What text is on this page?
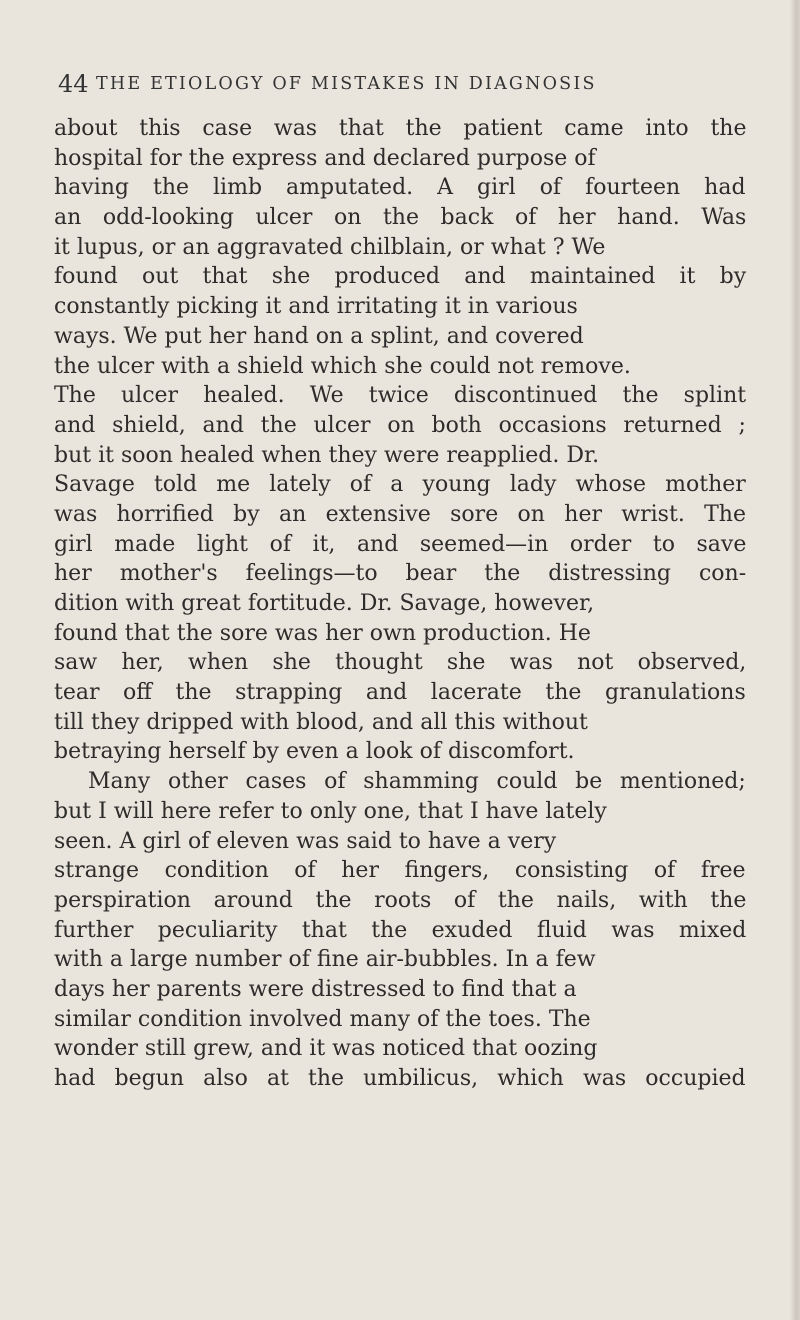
44 THE ETIOLOGY OF MISTAKES IN DIAGNOSIS
about this case was that the patient came into the
hospital for the express and declared purpose of
having the limb amputated. A girl of fourteen had
an odd-looking ulcer on the back of her hand. Was
it lupus, or an aggravated chilblain, or what ? We
found out that she produced and maintained it by
constantly picking it and irritating it in various
ways. We put her hand on a splint, and covered
the ulcer with a shield which she could not remove.
The ulcer healed. We twice discontinued the splint
and shield, and the ulcer on both occasions returned ;
but it soon healed when they were reapplied. Dr.
Savage told me lately of a young lady whose mother
was horrified by an extensive sore on her wrist. The
girl made light of it, and seemed—in order to save
her mother's feelings—to bear the distressing con-
dition with great fortitude. Dr. Savage, however,
found that the sore was her own production. He
saw her, when she thought she was not observed,
tear off the strapping and lacerate the granulations
till they dripped with blood, and all this without
betraying herself by even a look of discomfort.
Many other cases of shamming could be mentioned;
but I will here refer to only one, that I have lately
seen. A girl of eleven was said to have a very
strange condition of her fingers, consisting of free
perspiration around the roots of the nails, with the
further peculiarity that the exuded fluid was mixed
with a large number of fine air-bubbles. In a few
days her parents were distressed to find that a
similar condition involved many of the toes. The
wonder still grew, and it was noticed that oozing
had begun also at the umbilicus, which was occupied
